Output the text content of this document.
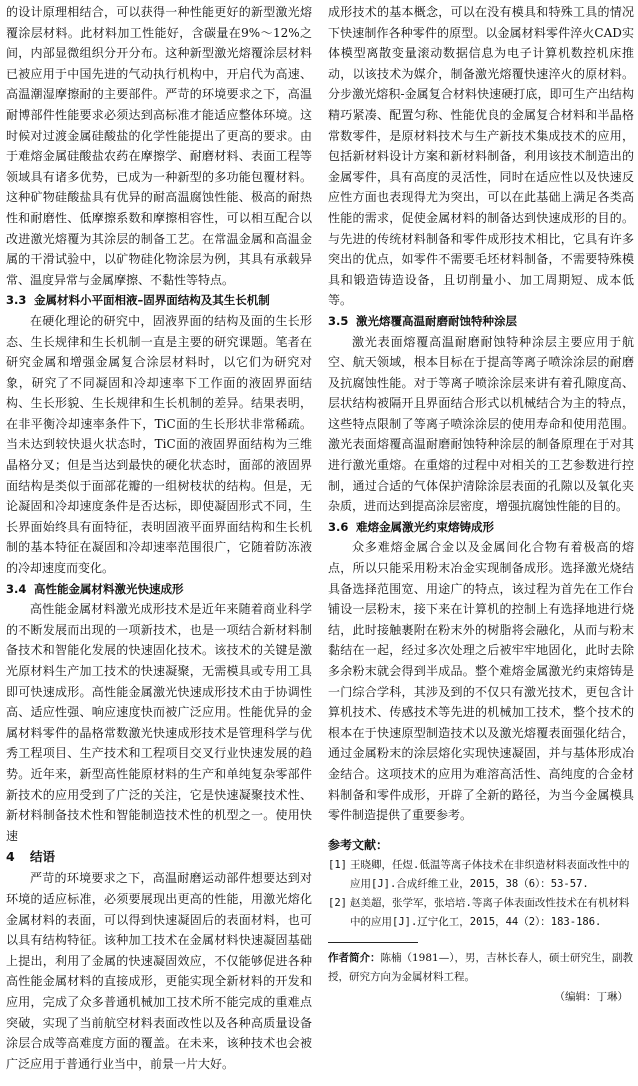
的设计原理相结合，可以获得一种性能更好的新型激光熔覆涂层材料。此材料加工性能好，含碳量在9%～12%之间，内部显微组织分开分布。这种新型激光熔覆涂层材料已被应用于中国先进的气动执行机构中，开启代为高速、高温潮湿摩擦耐的主要部件。严苛的环境要求之下，高温耐博部件性能要求必须达到高标准才能适应整体环境。这时候对过渡金属硅酸盐的化学性能提出了更高的要求。由于难熔金属硅酸盐农药在摩擦学、耐磨材料、表面工程等领域具有诸多优势，已成为一种新型的多功能包覆材料。这种矿物硅酸盐具有优异的耐高温腐蚀性能、极高的耐热性和耐磨性、低摩擦系数和摩擦相容性，可以相互配合以改进激光熔覆为其涂层的制备工艺。在常温金属和高温金属的干滑试验中，以矿物硅化物涂层为例，其具有承载异常、温度异常与金属摩擦、不黏性等特点。

3.3 金属材料小平面相液–固界面结构及其生长机制

在硬化理论的研究中，固液界面的结构及面的生长形态、生长规律和生长机制一直是主要的研究课题。笔者在研究金属和增强金属复合涂层材料时，以它们为研究对象，研究了不同凝固和冷却速率下工作面的液固界面结构、生长形貌、生长规律和生长机制的差异。结果表明，在非平衡冷却速率条件下，TiC面的生长形状非常稀疏。当未达到较快退火状态时，TiC面的液固界面结构为三维晶格分叉；但是当达到最快的硬化状态时，面部的液固界面结构是类似于面部花瓣的一组树枝状的结构。但是，无论凝固和冷却速度条件是否达标，即使凝固形式不同，生长界面始终具有面特征，表明固液平面界面结构和生长机制的基本特征在凝固和冷却速率范围很广，它随着防冻液的冷却速度而变化。

3.4 高性能金属材料激光快速成形

高性能金属材料激光成形技术是近年来随着商业科学的不断发展而出现的一项新技术，也是一项结合新材料制备技术和智能化发展的快速固化技术。该技术的关键是激光原材料生产加工技术的快速凝聚，无需模具或专用工具即可快速成形。高性能金属激光快速成形技术由于协调性高、适应性强、响应速度快而被广泛应用。性能优异的金属材料零件的晶格常数激光快速成形技术是管理科学与优秀工程项目、生产技术和工程项目交叉行业快速发展的趋势。近年来，新型高性能原材料的生产和单纯复杂零部件新技术的应用受到了广泛的关注，它是快速凝聚技术性、新材料制备技术性和智能制造技术性的机型之一。使用快速

4 结语

严苛的环境要求之下，高温耐磨运动部件想要达到对环境的适应标准，必须要展现出更高的性能，用激光熔化金属材料的表面，可以得到快速凝固后的表面材料，也可以具有结构特征。该种加工技术在金属材料快速凝固基础上提出，利用了金属的快速凝固效应，不仅能够促进各种高性能金属材料的直接成形，更能实现全新材料的开发和应用，完成了众多普通机械加工技术所不能完成的重难点突破，实现了当前航空材料表面改性以及各种高质量设备涂层合成等高难度方面的覆盖。在未来，该种技术也会被广泛应用于普通行业当中，前景一片大好。

成形技术的基本概念，可以在没有模具和特殊工具的情况下快速制作各种零件的原型。以金属材料零件淬火CAD实体模型离散变量滚动数据信息为电子计算机数控机床推动，以该技术为媒介，制备激光熔覆快速淬火的原材料。分步激光熔积-金属复合材料快速硬打底，即可生产出结构精巧紧凑、配置匀称、性能优良的金属复合材料和半晶格常数零件，是原材料技术与生产新技术集成技术的应用，包括新材料设计方案和新材料制备，利用该技术制造出的金属零件，具有高度的灵活性，同时在适应性以及快速反应性方面也表现得尤为突出，可以在此基础上满足各类高性能的需求，促使金属材料的制备达到快速成形的目的。与先进的传统材料制备和零件成形技术相比，它具有许多突出的优点，如零件不需要毛坯材料制备，不需要特殊模具和锻造铸造设备，且切削量小、加工周期短、成本低等。

3.5 激光熔覆高温耐磨耐蚀特种涂层

激光表面熔覆高温耐磨耐蚀特种涂层主要应用于航空、航天领域，根本目标在于提高等离子喷涂涂层的耐磨及抗腐蚀性能。对于等离子喷涂涂层来讲有着孔隙度高、层状结构被隔开且界面结合形式以机械结合为主的特点，这些特点限制了等离子喷涂涂层的使用寿命和使用范围。激光表面熔覆高温耐磨耐蚀特种涂层的制备原理在于对其进行激光重熔。在重熔的过程中对相关的工艺参数进行控制，通过合适的气体保护清除涂层表面的孔隙以及氧化夹杂质，进而达到提高涂层密度，增强抗腐蚀性能的目的。

3.6 难熔金属激光约束熔铸成形

众多难熔金属合金以及金属间化合物有着极高的熔点，所以只能采用粉末冶金实现制备成形。选择激光烧结具备选择范围宽、用途广的特点，该过程为首先在工作台铺设一层粉末，接下来在计算机的控制上有选择地进行烧结，此时接触裹附在粉末外的树脂将会融化，从而与粉末黏结在一起，经过多次处理之后被牢牢地固化，此时去除多余粉末就会得到半成品。整个难熔金属激光约束熔铸是一门综合学科，其涉及到的不仅只有激光技术，更包含计算机技术、传感技术等先进的机械加工技术，整个技术的根本在于快速原型制造技术以及激光熔覆表面强化结合，通过金属粉末的涂层熔化实现快速凝固，并与基体形成冶金结合。这项技术的应用为难溶高活性、高纯度的合金材料制备和零件成形，开辟了全新的路径，为当今金属模具零件制造提供了重要参考。

参考文献：
[1] 王晓卿，任煜.低温等离子体技术在非织造材料表面改性中的应用[J].合成纤维工业，2015，38（6）：53-57.
[2] 赵美超，张学军，张培培.等离子体表面改性技术在有机材料中的应用[J].辽宁化工，2015，44（2）：183-186.
作者简介：陈楠（1981—），男，吉林长春人，硕士研究生，副教授，研究方向为金属材料工程。
（编辑：丁琳）
